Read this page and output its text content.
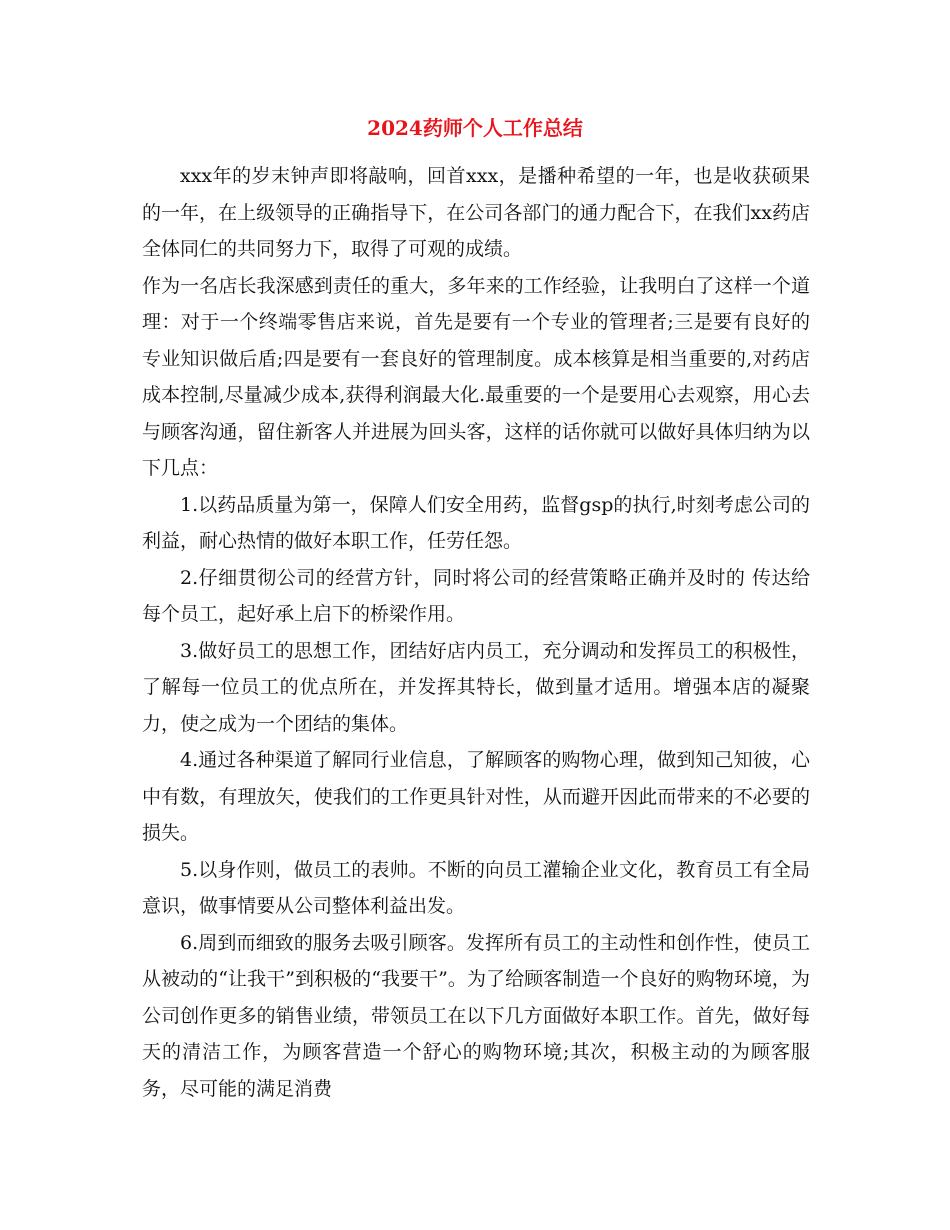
2024药师个人工作总结

xxx年的岁末钟声即将敲响，回首xxx，是播种希望的一年，也是收获硕果的一年，在上级领导的正确指导下，在公司各部门的通力配合下，在我们xx药店全体同仁的共同努力下，取得了可观的成绩。

作为一名店长我深感到责任的重大，多年来的工作经验，让我明白了这样一个道理：对于一个终端零售店来说，首先是要有一个专业的管理者;三是要有良好的专业知识做后盾;四是要有一套良好的管理制度。成本核算是相当重要的,对药店成本控制,尽量减少成本,获得利润最大化.最重要的一个是要用心去观察，用心去与顾客沟通，留住新客人并进展为回头客，这样的话你就可以做好具体归纳为以下几点：

1.以药品质量为第一，保障人们安全用药，监督gsp的执行,时刻考虑公司的利益，耐心热情的做好本职工作，任劳任怨。

2.仔细贯彻公司的经营方针，同时将公司的经营策略正确并及时的 传达给每个员工，起好承上启下的桥梁作用。

3.做好员工的思想工作，团结好店内员工，充分调动和发挥员工的积极性，了解每一位员工的优点所在，并发挥其特长，做到量才适用。增强本店的凝聚力，使之成为一个团结的集体。

4.通过各种渠道了解同行业信息，了解顾客的购物心理，做到知己知彼，心中有数，有理放矢，使我们的工作更具针对性，从而避开因此而带来的不必要的损失。

5.以身作则，做员工的表帅。不断的向员工灌输企业文化，教育员工有全局意识，做事情要从公司整体利益出发。

6.周到而细致的服务去吸引顾客。发挥所有员工的主动性和创作性，使员工从被动的“让我干”到积极的“我要干”。为了给顾客制造一个良好的购物环境，为公司创作更多的销售业绩，带领员工在以下几方面做好本职工作。首先，做好每天的清洁工作，为顾客营造一个舒心的购物环境;其次，积极主动的为顾客服务，尽可能的满足消费
